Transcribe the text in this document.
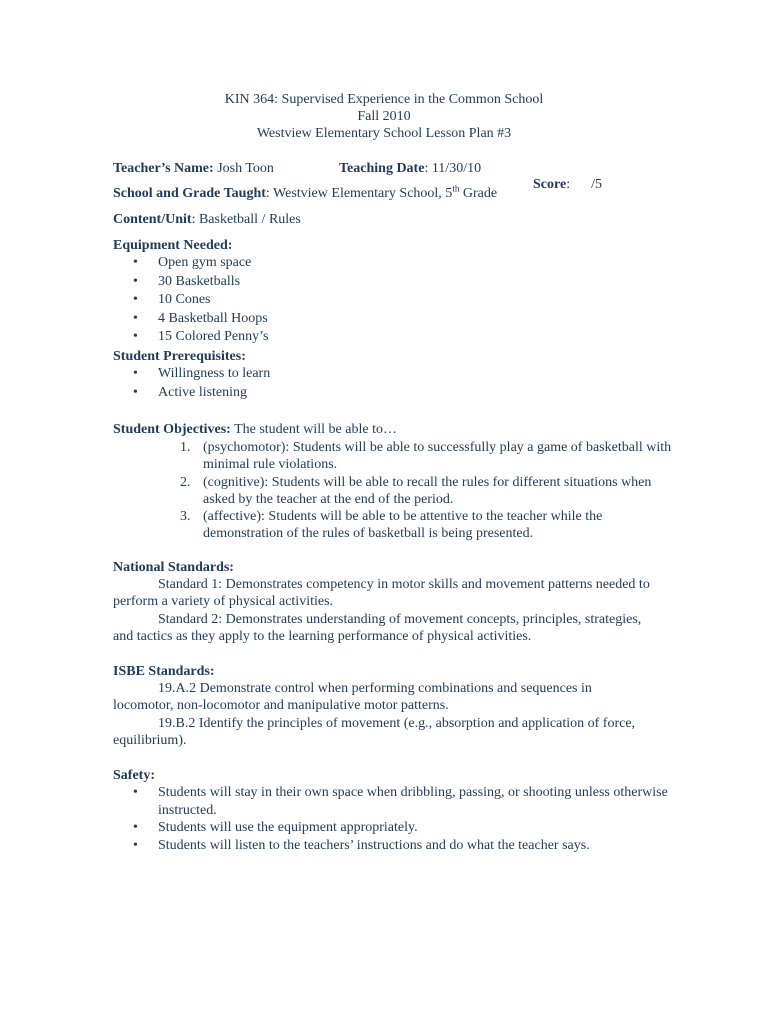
KIN 364: Supervised Experience in the Common School
Fall 2010
Westview Elementary School Lesson Plan #3
Teacher’s Name: Josh Toon	Teaching Date: 11/30/10

Score:      /5

School and Grade Taught: Westview Elementary School, 5th Grade
Content/Unit: Basketball / Rules
Equipment Needed:
• Open gym space
• 30 Basketballs
• 10 Cones
• 4 Basketball Hoops
• 15 Colored Penny’s
Student Prerequisites:
• Willingness to learn
• Active listening
Student Objectives: The student will be able to…
1. (psychomotor): Students will be able to successfully play a game of basketball with minimal rule violations.
2. (cognitive): Students will be able to recall the rules for different situations when asked by the teacher at the end of the period.
3. (affective): Students will be able to be attentive to the teacher while the demonstration of the rules of basketball is being presented.
National Standards:
Standard 1: Demonstrates competency in motor skills and movement patterns needed to perform a variety of physical activities.
Standard 2: Demonstrates understanding of movement concepts, principles, strategies, and tactics as they apply to the learning performance of physical activities.
ISBE Standards:
19.A.2 Demonstrate control when performing combinations and sequences in locomotor, non-locomotor and manipulative motor patterns.
19.B.2 Identify the principles of movement (e.g., absorption and application of force, equilibrium).
Safety:
• Students will stay in their own space when dribbling, passing, or shooting unless otherwise instructed.
• Students will use the equipment appropriately.
• Students will listen to the teachers’ instructions and do what the teacher says.
